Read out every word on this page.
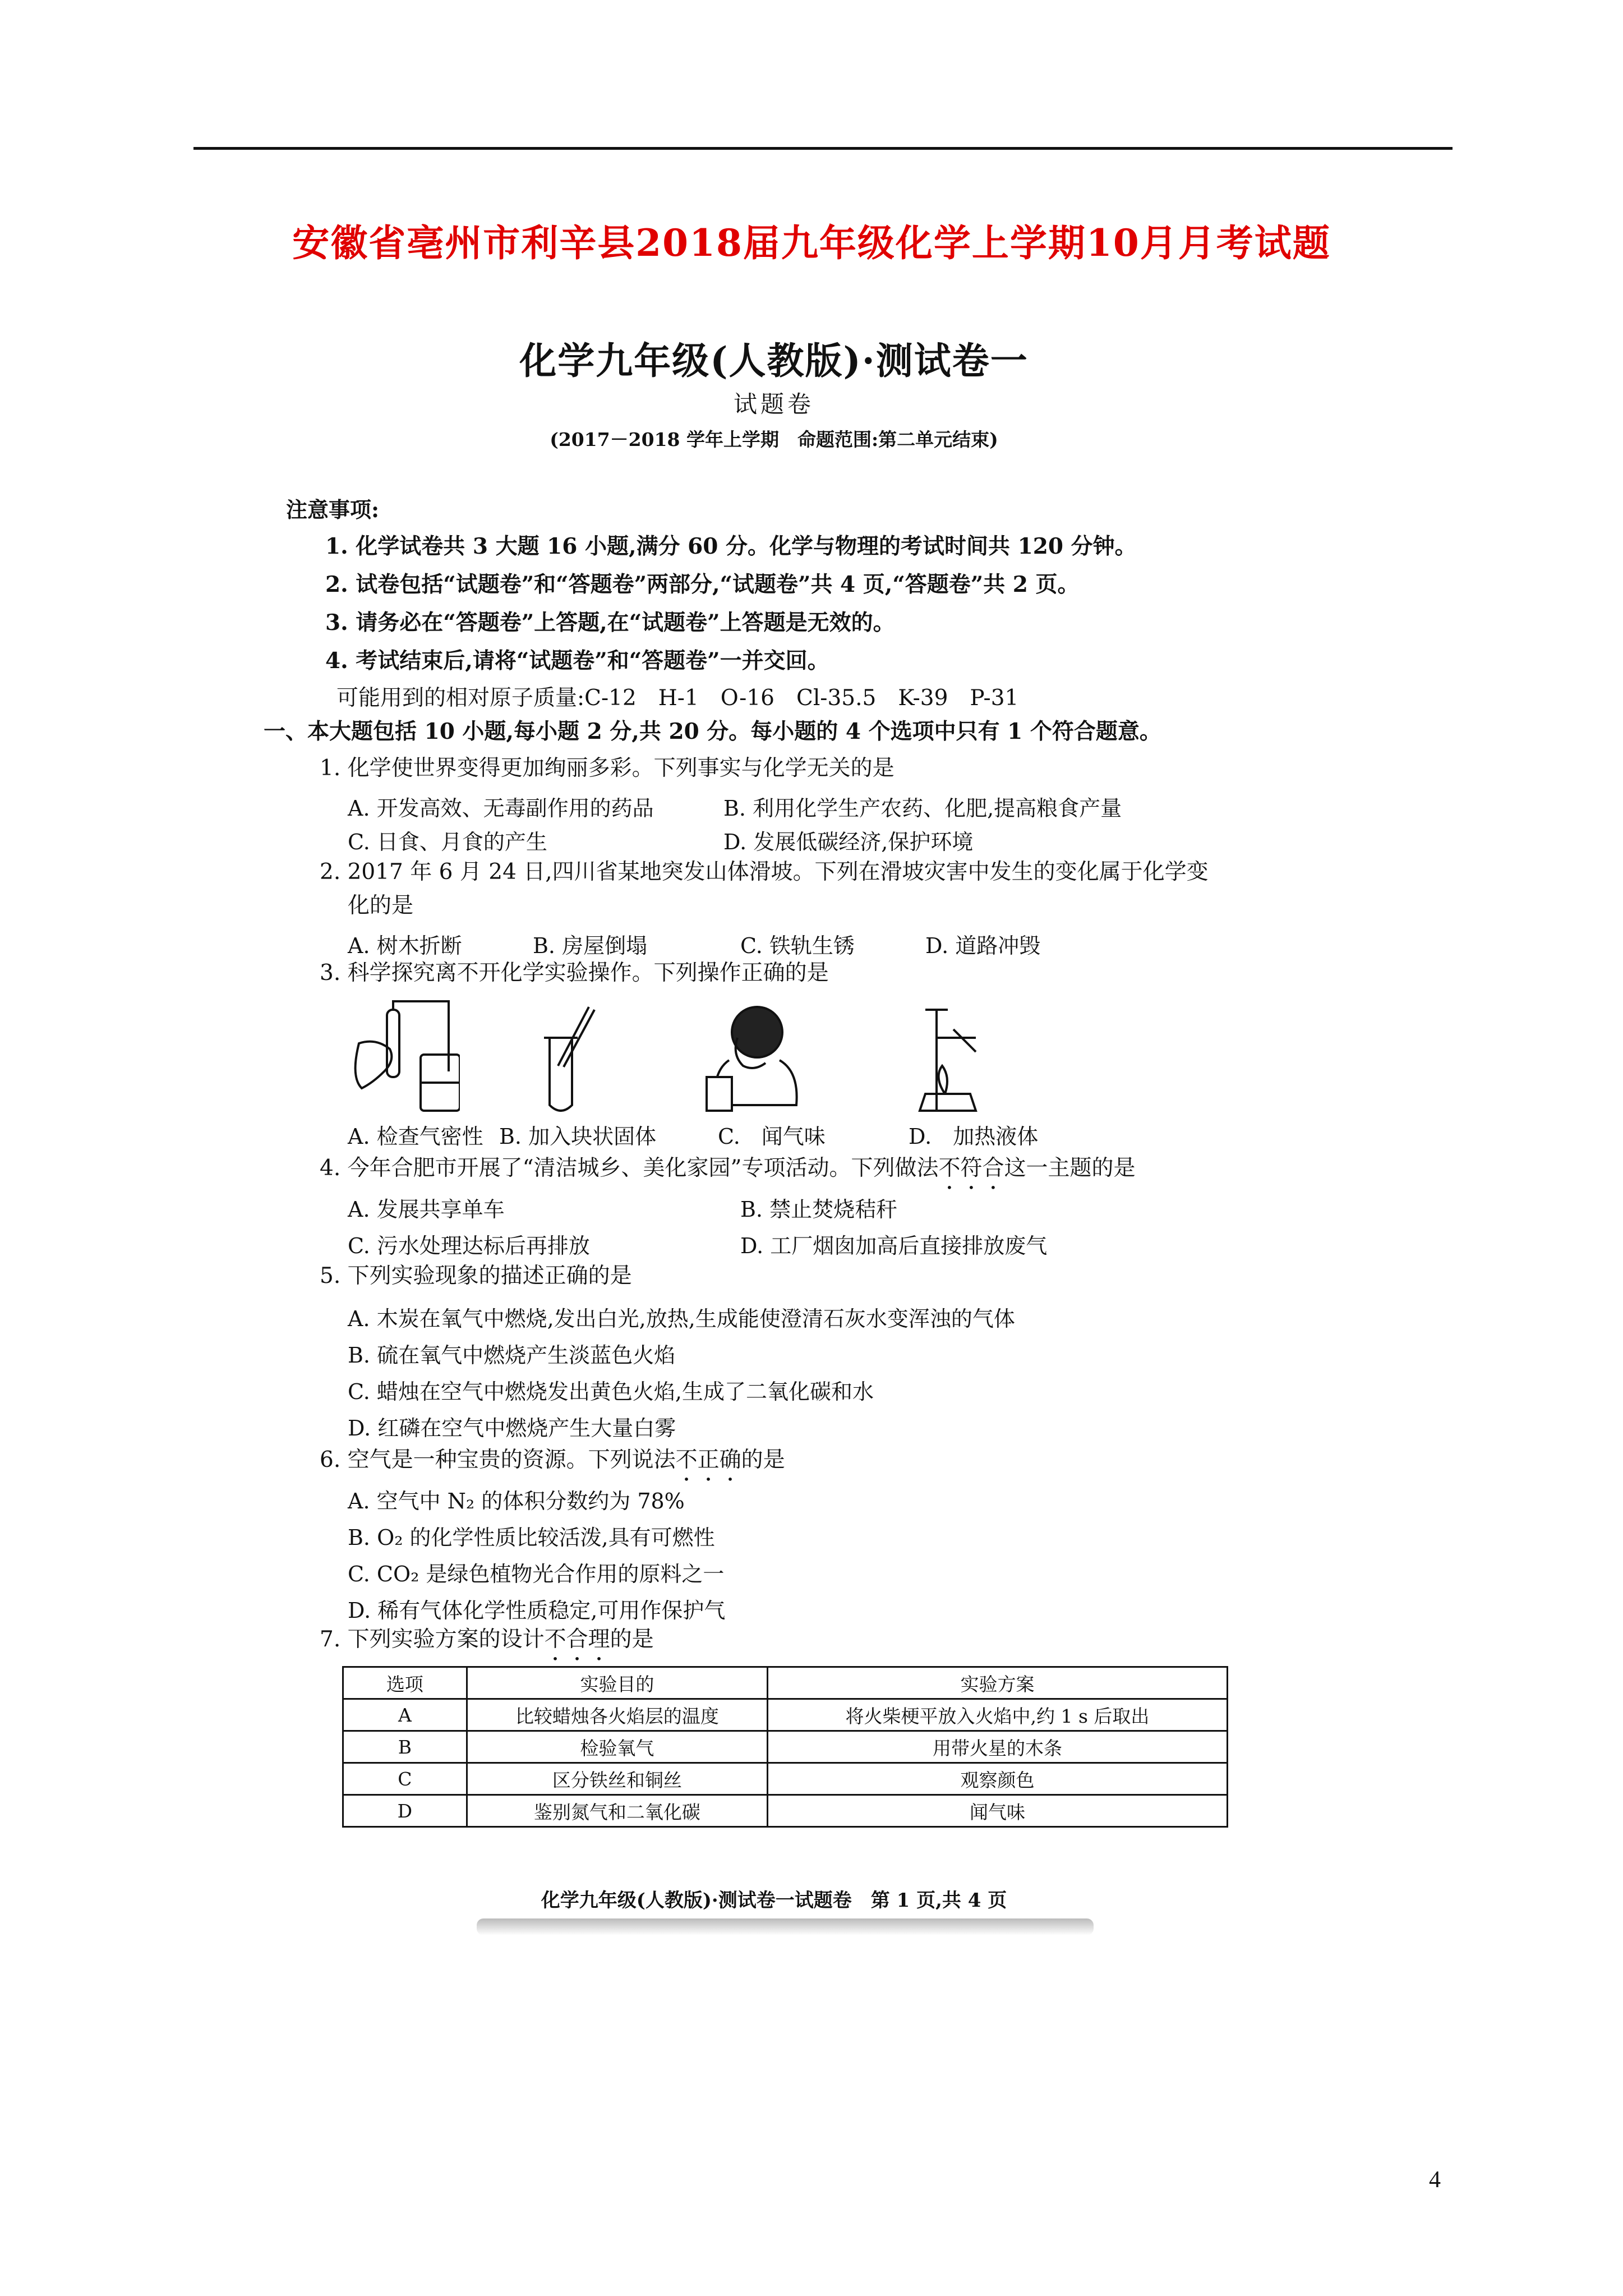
安徽省亳州市利辛县2018届九年级化学上学期10月月考试题
化学九年级(人教版)·测试卷一
试题卷
(2017－2018 学年上学期　命题范围:第二单元结束)
注意事项:
1. 化学试卷共 3 大题 16 小题,满分 60 分。化学与物理的考试时间共 120 分钟。
2. 试卷包括“试题卷”和“答题卷”两部分,“试题卷”共 4 页,“答题卷”共 2 页。
3. 请务必在“答题卷”上答题,在“试题卷”上答题是无效的。
4. 考试结束后,请将“试题卷”和“答题卷”一并交回。
可能用到的相对原子质量:C-12　H-1　O-16　Cl-35.5　K-39　P-31
一、本大题包括 10 小题,每小题 2 分,共 20 分。每小题的 4 个选项中只有 1 个符合题意。
1. 化学使世界变得更加绚丽多彩。下列事实与化学无关的是
A. 开发高效、无毒副作用的药品	B. 利用化学生产农药、化肥,提高粮食产量
C. 日食、月食的产生	D. 发展低碳经济,保护环境
2. 2017 年 6 月 24 日,四川省某地突发山体滑坡。下列在滑坡灾害中发生的变化属于化学变
化的是
A. 树木折断	B. 房屋倒塌	C. 铁轨生锈	D. 道路冲毁
3. 科学探究离不开化学实验操作。下列操作正确的是
A. 检查气密性 B. 加入块状固体	C.　闻气味	D.　加热液体
4. 今年合肥市开展了“清洁城乡、美化家园”专项活动。下列做法不符合这一主题的是
A. 发展共享单车	B. 禁止焚烧秸秆
C. 污水处理达标后再排放	D. 工厂烟囱加高后直接排放废气
5. 下列实验现象的描述正确的是
A. 木炭在氧气中燃烧,发出白光,放热,生成能使澄清石灰水变浑浊的气体
B. 硫在氧气中燃烧产生淡蓝色火焰
C. 蜡烛在空气中燃烧发出黄色火焰,生成了二氧化碳和水
D. 红磷在空气中燃烧产生大量白雾
6. 空气是一种宝贵的资源。下列说法不正确的是
A. 空气中 N₂ 的体积分数约为 78%
B. O₂ 的化学性质比较活泼,具有可燃性
C. CO₂ 是绿色植物光合作用的原料之一
D. 稀有气体化学性质稳定,可用作保护气
7. 下列实验方案的设计不合理的是
选项	实验目的	实验方案
A	比较蜡烛各火焰层的温度	将火柴梗平放入火焰中,约 1 s 后取出
B	检验氧气	用带火星的木条
C	区分铁丝和铜丝	观察颜色
D	鉴别氮气和二氧化碳	闻气味
化学九年级(人教版)·测试卷一试题卷　第 1 页,共 4 页
4
